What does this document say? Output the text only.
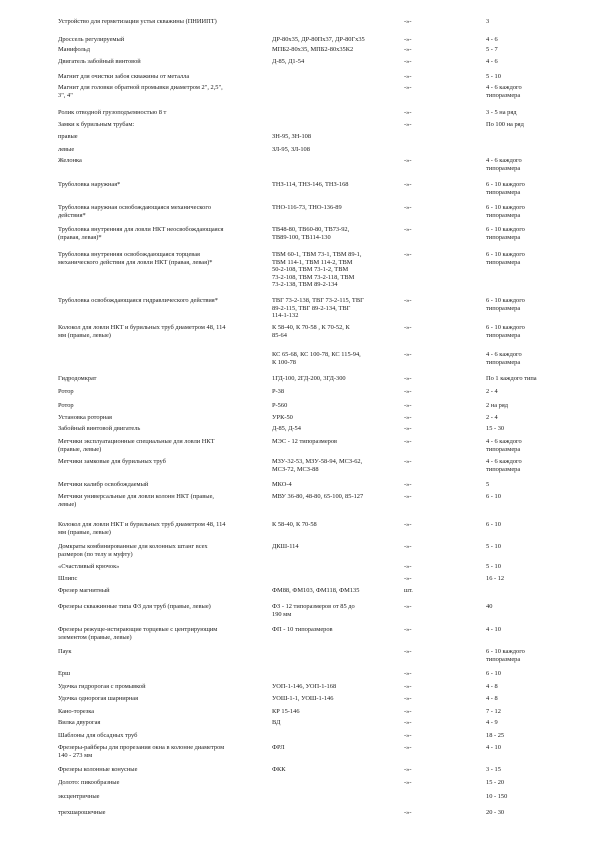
Устройство для герметизации устья скважины (ПНИИПТ)	-»-	3
Дроссель регулируемый	ДР-80х35, ДР-80Пх37, ДР-80Гх35	-»-	4 - 6
Манифольд	МПБ2-80х35, МПБ2-80х35К2	-»-	5 - 7
Двигатель забойный винтовой	Д-85, Д1-54	-»-	4 - 6
Магнит для очистки забоя скважины от металла	-»-	5 - 10
Магнит для головки обратной промывки диаметром 2", 2,5",
3", 4"
-»-	4 - 6 каждого
типоразмера
Ролик отводной грузоподъемностью 8 т	-»-	3 - 5 на ряд
Замки к бурильным трубам:	-»-	По 100 на ряд
правые	ЗН-95, ЗН-108
левые	ЗЛ-95, ЗЛ-108
Желонка	-»-	4 - 6 каждого
типоразмера
Труболовка наружная*	ТНЗ-114, ТНЗ-146, ТНЗ-168	-»-	6 - 10 каждого
типоразмера
Труболовка наружная освобождающаяся механического
действия*
ТНО-116-73, ТНО-136-89	-»-	6 - 10 каждого
типоразмера
Труболовка внутренняя для ловли НКТ неосвобождающаяся
(правая, левая)*
ТВ48-80, ТВ60-80, ТВ73-92,
ТВ89-100, ТВ114-130
-»-	6 - 10 каждого
типоразмера
Труболовка внутренняя освобождающаяся торцевая
механического действия для ловли НКТ (правая, левая)*
ТВМ 60-1, ТВМ 73-1, ТВМ 89-1,
ТВМ 114-1, ТВМ 114-2, ТВМ
50-2-108, ТВМ 73-1-2, ТВМ
73-2-108, ТВМ 73-2-118, ТВМ
73-2-138, ТВМ 89-2-134
-»-	6 - 10 каждого
типоразмера
Труболовка освобождающаяся гидравлического действия*	ТВГ 73-2-138, ТВГ 73-2-115, ТВГ
89-2-115, ТВГ 89-2-134, ТВГ
114-1-132
-»-	6 - 10 каждого
типоразмера
Колокол для ловли НКТ и бурильных труб диаметром 48, 114
мм (правые, левые)
К 58-40, К 70-58 , К 70-52, К
85-64
-»-	6 - 10 каждого
типоразмера
КС 65-68, КС 100-78, КС 115-94,
К 100-78
-»-	4 - 6 каждого
типоразмера
Гидродомкрат	1ГД-100, 2ГД-200, 3ГД-300	-»-	По 1 каждого типа
Ротор	Р-38	-»-	2 - 4
Ротор	Р-560	-»-	2 на ряд
Установка роторная	УРК-50	-»-	2 - 4
Забойный винтовой двигатель	Д-85, Д-54	-»-	15 - 30
Метчики эксплуатационные специальные для ловли НКТ
(правые, левые)
МЭС - 12 типоразмеров	-»-	4 - 6 каждого
типоразмера
Метчики замковые для бурильных труб	МЗУ-32-53, МЗУ-58-94, МСЗ-62,
МСЗ-72, МСЗ-88
-»-	4 - 6 каждого
типоразмера
Метчики калибр освобождаемый	МКО-4	-»-	5
Метчики универсальные для ловли колонн НКТ (правые,
левые)
МВУ 36-80, 48-80, 65-100, 85-127	-»-	6 - 10
Колокол для ловли НКТ и бурильных труб диаметром 48, 114
мм (правые, левые)
К 58-40, К 70-58	-»-	6 - 10
Домкраты комбинированные для колонных штанг всех
размеров (по телу и муфту)
ДКШ-114	-»-	5 - 10
«Счастливый крючок»	-»-	5 - 10
Шлипс	-»-	16 - 12
Фрезер магнитный	ФМ88, ФМ103, ФМ118, ФМ135	шт.
Фрезеры скважинные типа ФЗ для труб (правые, левые)	ФЗ - 12 типоразмеров от 85 до
190 мм
-»-	40
Фрезеры режуще-истирающие торцевые с центрирующим
элементом (правые, левые)
ФП - 10 типоразмеров	-»-	4 - 10
Паук	-»-	6 - 10 каждого
типоразмера
Ерш	-»-	6 - 10
Удочка гидророгая с промывкой	УОП-1-146, УОП-1-168	-»-	4 - 8
Удочка однорогая шарнирная	УОШ-1-1, УОШ-1-146	-»-	4 - 8
Кано-торезка	КР 15-146	-»-	7 - 12
Вилка двурогая	ВД	-»-	4 - 9
Шаблоны для обсадных труб	-»-	18 - 25
Фрезеры-райберы для прорезания окна в колонне диаметром
140 - 273 мм
ФРЛ	-»-	4 - 10
Фрезеры колонные конусные	ФКК	-»-	3 - 15
Долото: пикообразные	-»-	15 - 20
эксцентричные	10 - 150
трехшарошечные	-»-	20 - 30
